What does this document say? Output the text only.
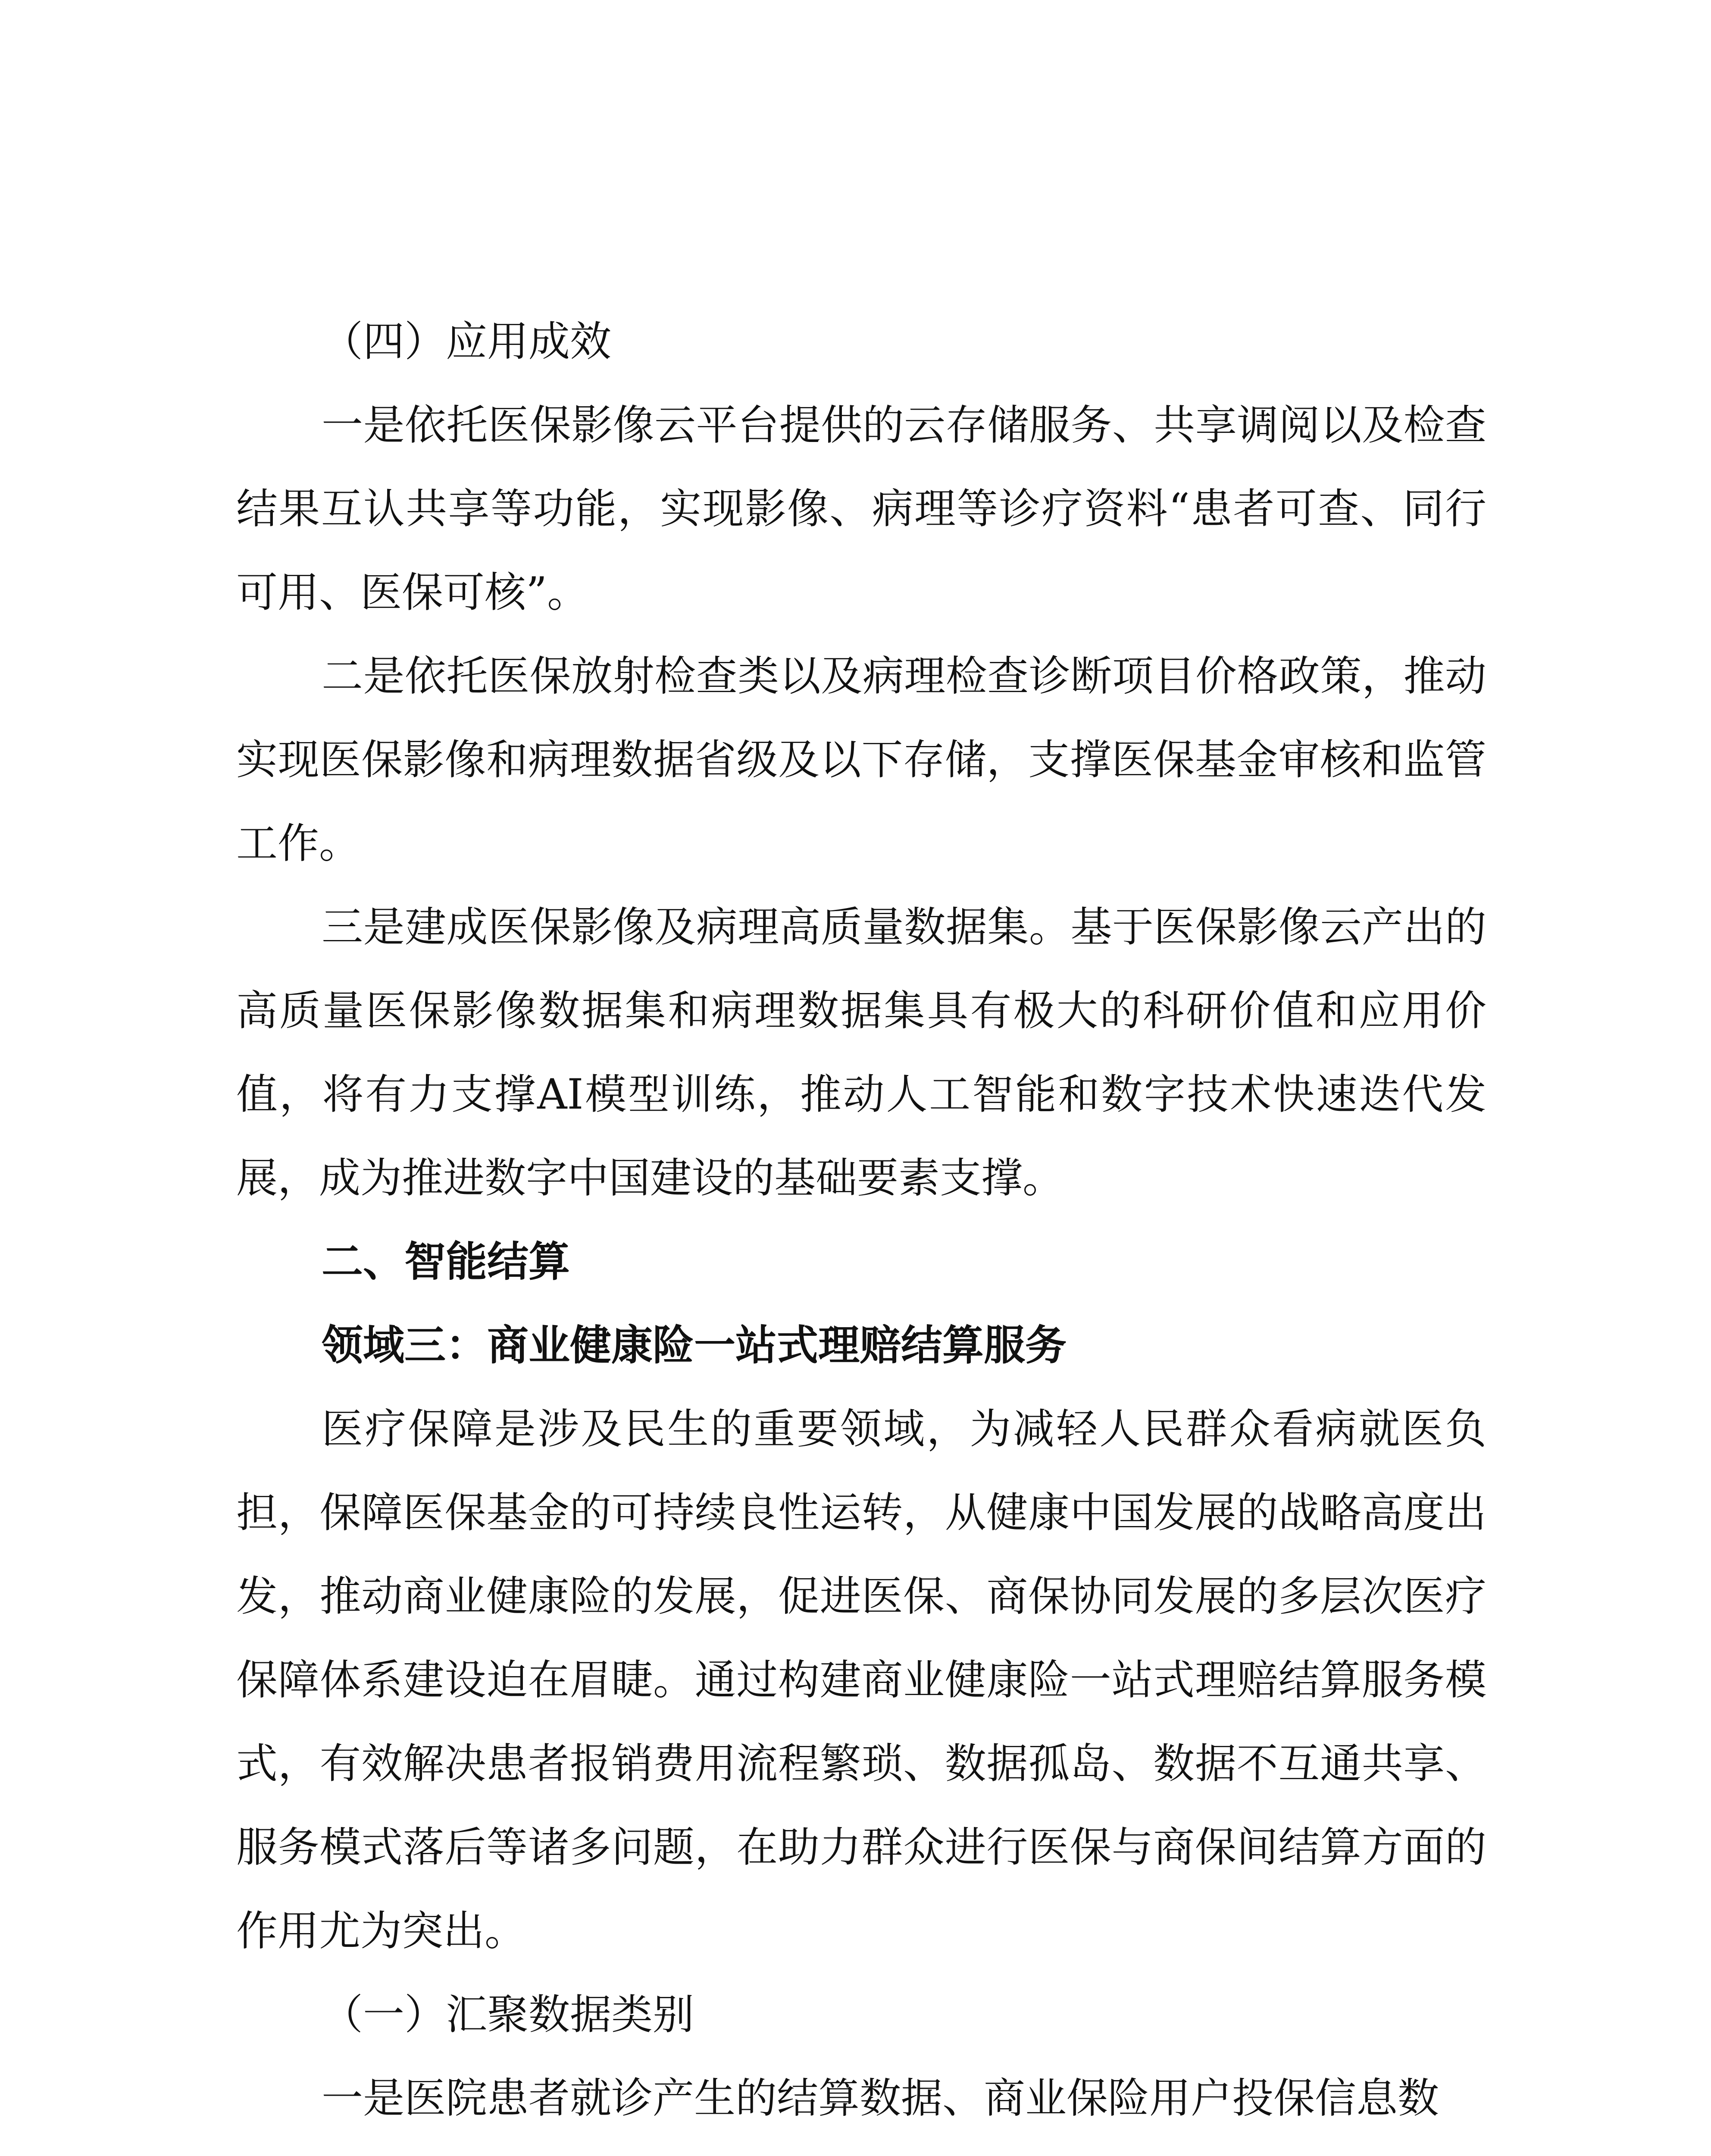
（四）应用成效

一是依托医保影像云平台提供的云存储服务、共享调阅以及检查结果互认共享等功能，实现影像、病理等诊疗资料“患者可查、同行可用、医保可核”。

二是依托医保放射检查类以及病理检查诊断项目价格政策，推动实现医保影像和病理数据省级及以下存储，支撑医保基金审核和监管工作。

三是建成医保影像及病理高质量数据集。基于医保影像云产出的高质量医保影像数据集和病理数据集具有极大的科研价值和应用价值，将有力支撑AI模型训练，推动人工智能和数字技术快速迭代发展，成为推进数字中国建设的基础要素支撑。

二、智能结算

领域三：商业健康险一站式理赔结算服务

医疗保障是涉及民生的重要领域，为减轻人民群众看病就医负担，保障医保基金的可持续良性运转，从健康中国发展的战略高度出发，推动商业健康险的发展，促进医保、商保协同发展的多层次医疗保障体系建设迫在眉睫。通过构建商业健康险一站式理赔结算服务模式，有效解决患者报销费用流程繁琐、数据孤岛、数据不互通共享、服务模式落后等诸多问题，在助力群众进行医保与商保间结算方面的作用尤为突出。

（一）汇聚数据类别

一是医院患者就诊产生的结算数据、商业保险用户投保信息数
